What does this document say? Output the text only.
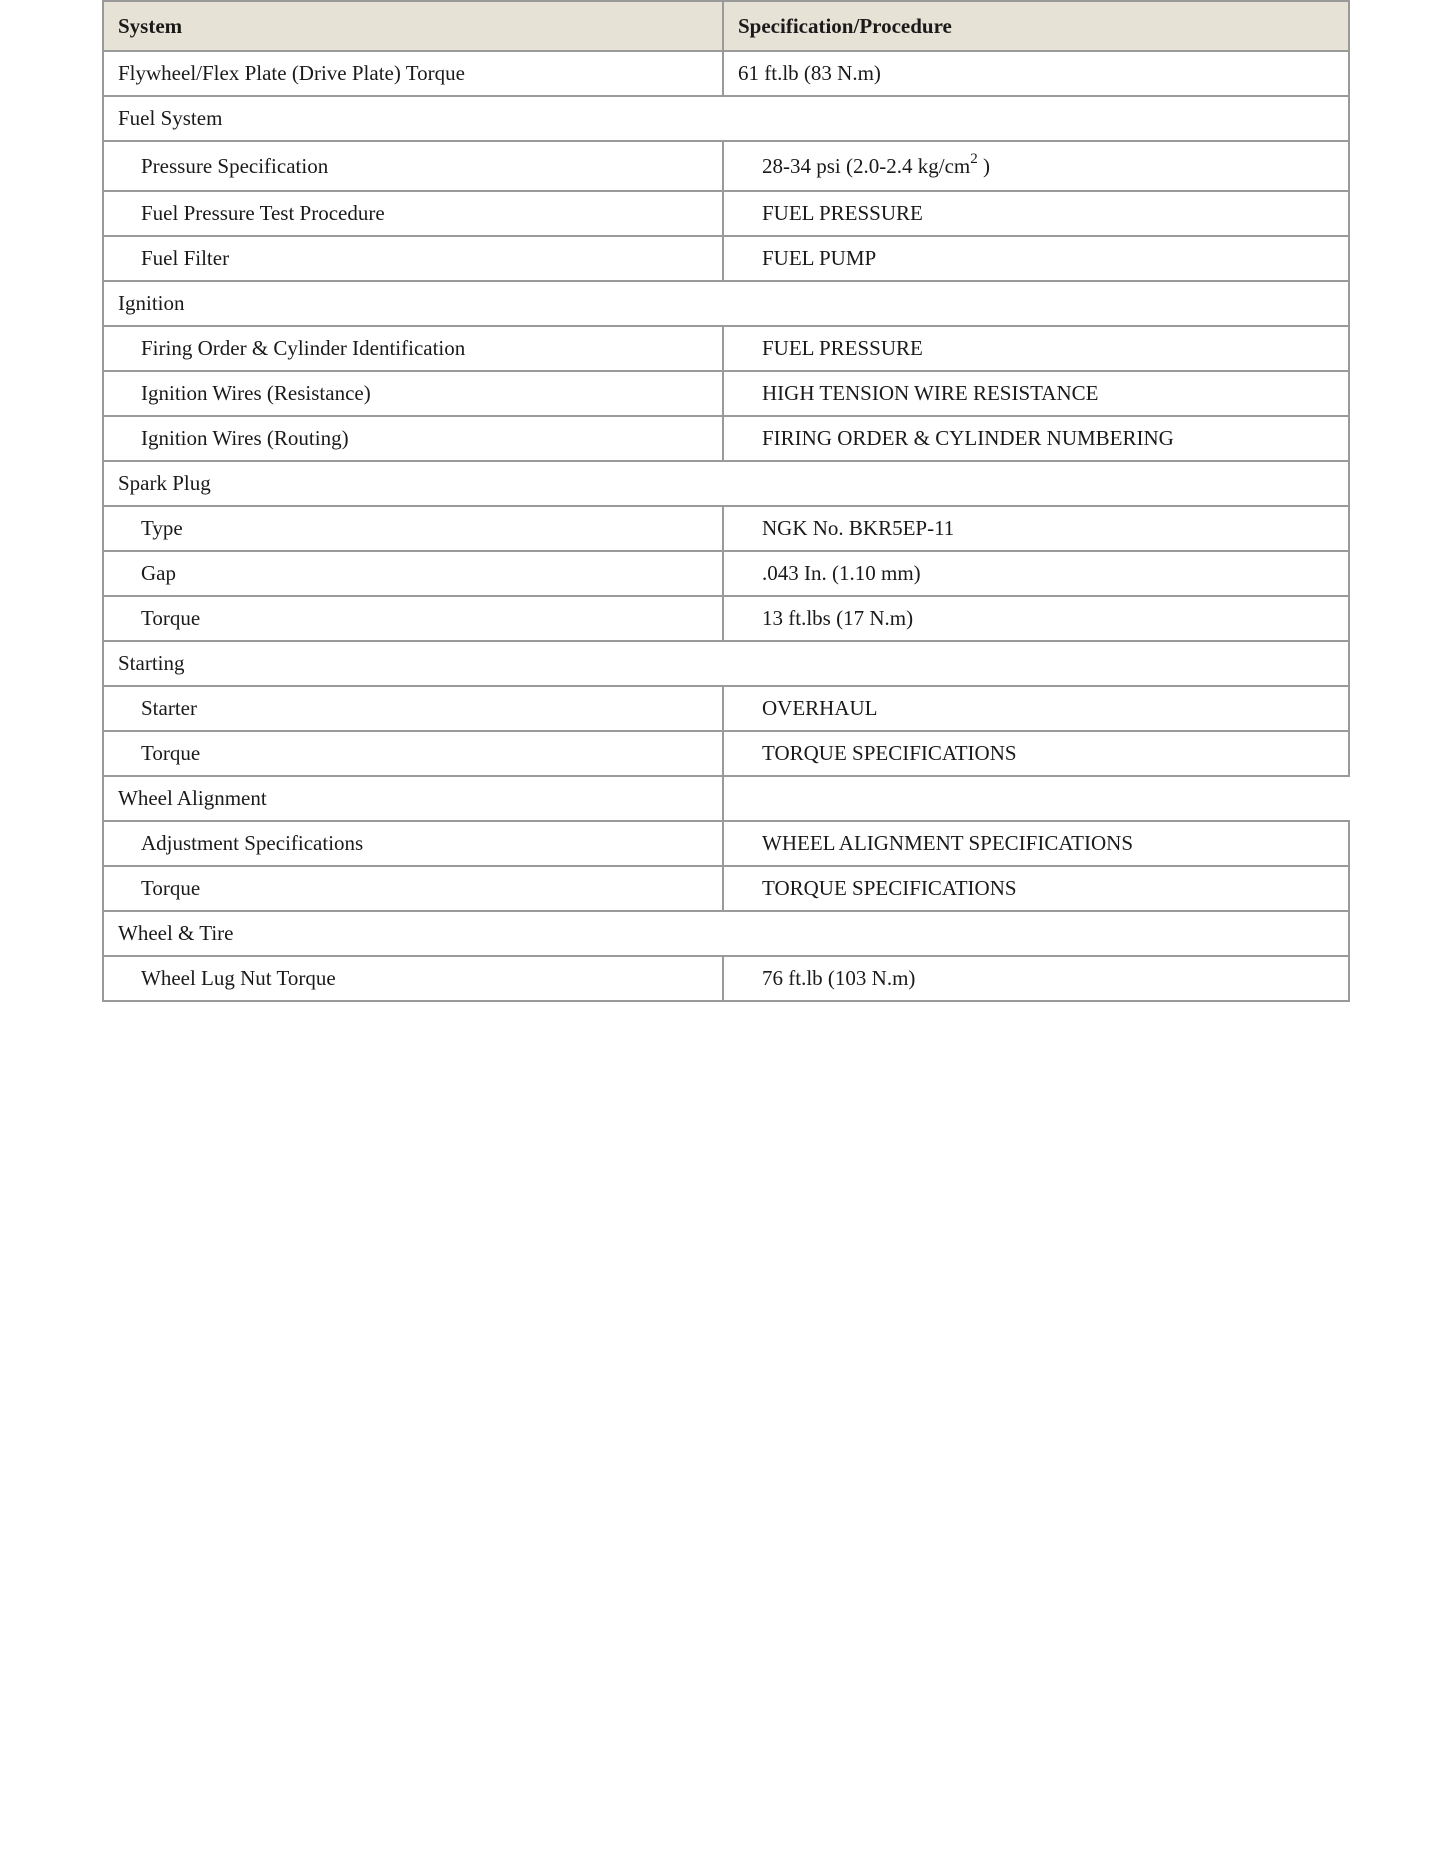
System	Specification/Procedure
Flywheel/Flex Plate (Drive Plate) Torque	61 ft.lb (83 N.m)
Fuel System	
Pressure Specification	28-34 psi (2.0-2.4 $kg/cm^2$ )
Fuel Pressure Test Procedure	FUEL PRESSURE
Fuel Filter	FUEL PUMP
Ignition	
Firing Order & Cylinder Identification	FUEL PRESSURE
Ignition Wires (Resistance)	HIGH TENSION WIRE RESISTANCE
Ignition Wires (Routing)	FIRING ORDER & CYLINDER NUMBERING
Spark Plug	
Type	NGK No. BKR5EP-11
Gap	.043 In. (1.10 mm)
Torque	13 ft.lbs (17 N.m)
Starting	
Starter	OVERHAUL
Torque	TORQUE SPECIFICATIONS
Wheel Alignment	
Adjustment Specifications	WHEEL ALIGNMENT SPECIFICATIONS
Torque	TORQUE SPECIFICATIONS
Wheel & Tire	
Wheel Lug Nut Torque	76 ft.lb (103 N.m)
